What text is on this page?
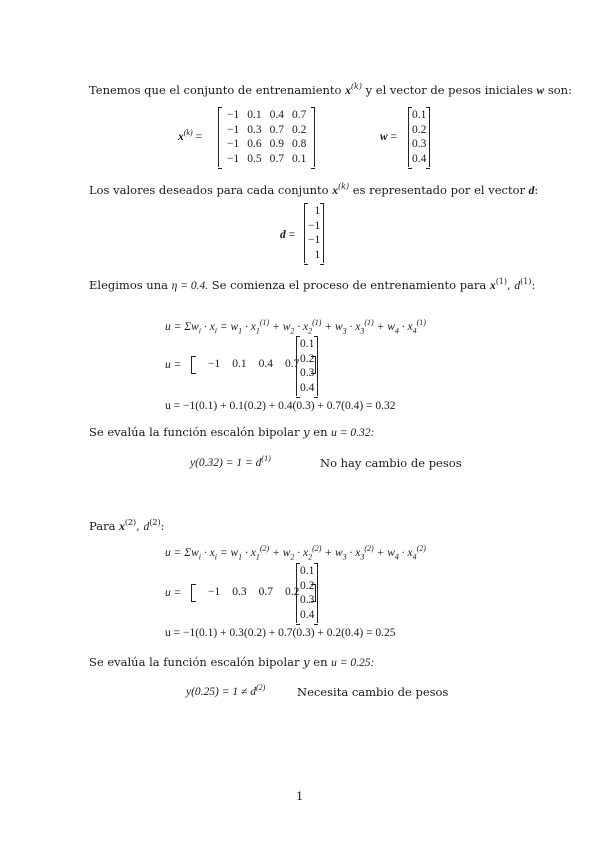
Tenemos que el conjunto de entrenamiento $x^{(k)}$ y el vector de pesos iniciales w son:
$x^{(k)}$ =
−1	0.1	0.4	0.7
−1	0.3	0.7	0.2
−1	0.6	0.9	0.8
−1	0.5	0.7	0.1
w =
0.1
0.2
0.3
0.4
Los valores deseados para cada conjunto $x^{(k)}$ es representado por el vector d:
d =
1
−1
−1
1
Elegimos una η = 0.4. Se comienza el proceso de entrenamiento para $x^{(1)}$, $d^{(1)}$:
$u = \Sigma w_i \cdot x_i = w_1 \cdot x_1^{(1)} + w_2 \cdot x_2^{(1)} + w_3 \cdot x_3^{(1)} + w_4 \cdot x_4^{(1)}$
u =	−1 0.1 0.4 0.7
0.1
0.2
0.3
0.4
u = −1(0.1) + 0.1(0.2) + 0.4(0.3) + 0.7(0.4) = 0.32
Se evalúa la función escalón bipolar y en u = 0.32:
$y(0.32) = 1 = d^{(1)}$	No hay cambio de pesos
Para $x^{(2)}$, $d^{(2)}$:
$u = \Sigma w_i \cdot x_i = w_1 \cdot x_1^{(2)} + w_2 \cdot x_2^{(2)} + w_3 \cdot x_3^{(2)} + w_4 \cdot x_4^{(2)}$
u =	−1 0.3 0.7 0.2
0.1
0.2
0.3
0.4
u = −1(0.1) + 0.3(0.2) + 0.7(0.3) + 0.2(0.4) = 0.25
Se evalúa la función escalón bipolar y en u = 0.25:
$y(0.25) = 1 \ne d^{(2)}$	Necesita cambio de pesos
1
